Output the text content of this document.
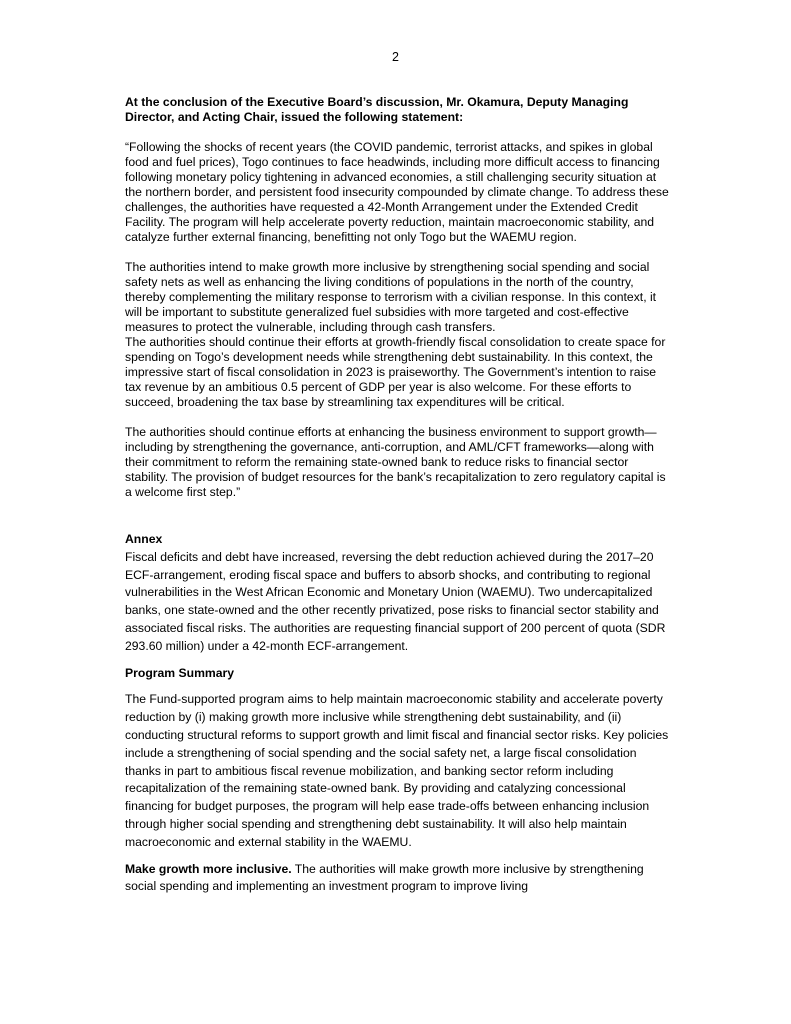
2

At the conclusion of the Executive Board’s discussion, Mr. Okamura, Deputy Managing Director, and Acting Chair, issued the following statement:

“Following the shocks of recent years (the COVID pandemic, terrorist attacks, and spikes in global food and fuel prices), Togo continues to face headwinds, including more difficult access to financing following monetary policy tightening in advanced economies, a still challenging security situation at the northern border, and persistent food insecurity compounded by climate change. To address these challenges, the authorities have requested a 42-Month Arrangement under the Extended Credit Facility. The program will help accelerate poverty reduction, maintain macroeconomic stability, and catalyze further external financing, benefitting not only Togo but the WAEMU region.

The authorities intend to make growth more inclusive by strengthening social spending and social safety nets as well as enhancing the living conditions of populations in the north of the country, thereby complementing the military response to terrorism with a civilian response. In this context, it will be important to substitute generalized fuel subsidies with more targeted and cost-effective measures to protect the vulnerable, including through cash transfers.

The authorities should continue their efforts at growth-friendly fiscal consolidation to create space for spending on Togo’s development needs while strengthening debt sustainability. In this context, the impressive start of fiscal consolidation in 2023 is praiseworthy. The Government’s intention to raise tax revenue by an ambitious 0.5 percent of GDP per year is also welcome. For these efforts to succeed, broadening the tax base by streamlining tax expenditures will be critical.

The authorities should continue efforts at enhancing the business environment to support growth—including by strengthening the governance, anti-corruption, and AML/CFT frameworks—along with their commitment to reform the remaining state-owned bank to reduce risks to financial sector stability. The provision of budget resources for the bank’s recapitalization to zero regulatory capital is a welcome first step.”

Annex

Fiscal deficits and debt have increased, reversing the debt reduction achieved during the 2017–20 ECF-arrangement, eroding fiscal space and buffers to absorb shocks, and contributing to regional vulnerabilities in the West African Economic and Monetary Union (WAEMU). Two undercapitalized banks, one state-owned and the other recently privatized, pose risks to financial sector stability and associated fiscal risks. The authorities are requesting financial support of 200 percent of quota (SDR 293.60 million) under a 42-month ECF-arrangement.

Program Summary

The Fund-supported program aims to help maintain macroeconomic stability and accelerate poverty reduction by (i) making growth more inclusive while strengthening debt sustainability, and (ii) conducting structural reforms to support growth and limit fiscal and financial sector risks. Key policies include a strengthening of social spending and the social safety net, a large fiscal consolidation thanks in part to ambitious fiscal revenue mobilization, and banking sector reform including recapitalization of the remaining state-owned bank. By providing and catalyzing concessional financing for budget purposes, the program will help ease trade-offs between enhancing inclusion through higher social spending and strengthening debt sustainability. It will also help maintain macroeconomic and external stability in the WAEMU.

Make growth more inclusive. The authorities will make growth more inclusive by strengthening social spending and implementing an investment program to improve living
